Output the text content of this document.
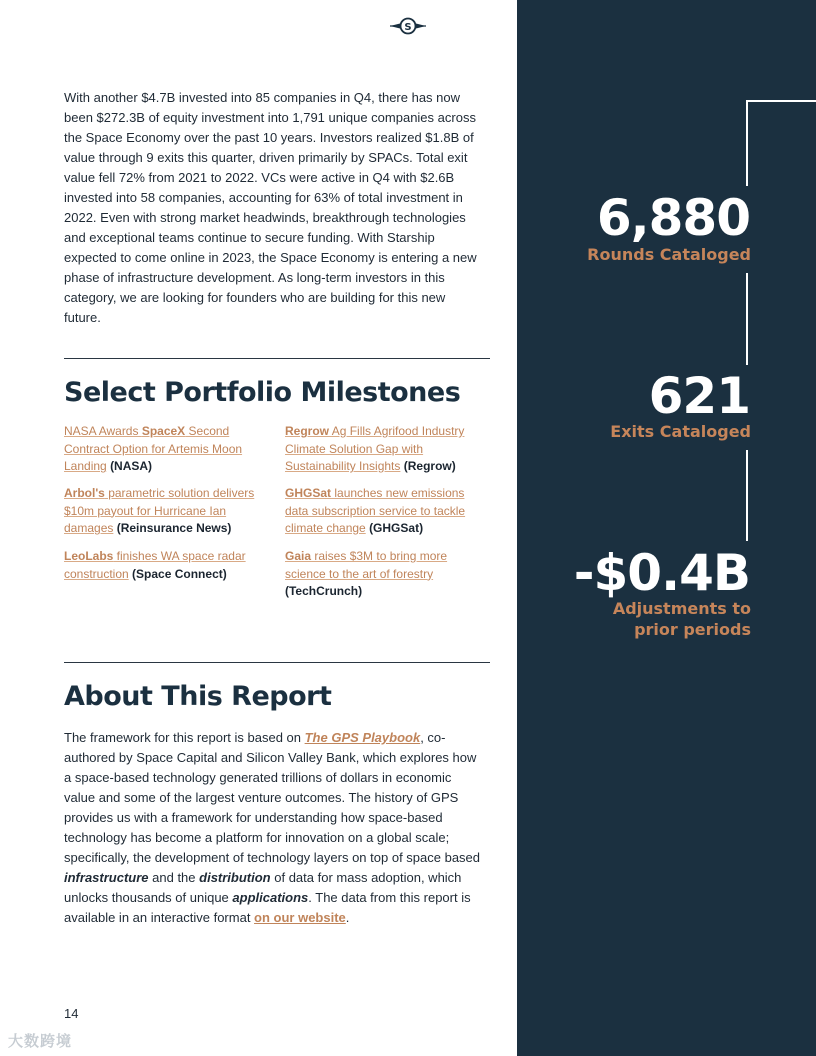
S

With another $4.7B invested into 85 companies in Q4, there has now been $272.3B of equity investment into 1,791 unique companies across the Space Economy over the past 10 years. Investors realized $1.8B of value through 9 exits this quarter, driven primarily by SPACs. Total exit value fell 72% from 2021 to 2022. VCs were active in Q4 with $2.6B invested into 58 companies, accounting for 63% of total investment in 2022. Even with strong market headwinds, breakthrough technologies and exceptional teams continue to secure funding. With Starship expected to come online in 2023, the Space Economy is entering a new phase of infrastructure development. As long-term investors in this category, we are looking for founders who are building for this new future.

Select Portfolio Milestones
NASA Awards SpaceX Second Contract Option for Artemis Moon Landing (NASA)
Regrow Ag Fills Agrifood Industry Climate Solution Gap with Sustainability Insights (Regrow)
Arbol's parametric solution delivers $10m payout for Hurricane Ian damages (Reinsurance News)
GHGSat launches new emissions data subscription service to tackle climate change (GHGSat)
LeoLabs finishes WA space radar construction (Space Connect)
Gaia raises $3M to bring more science to the art of forestry (TechCrunch)
About This Report

The framework for this report is based on The GPS Playbook, co-authored by Space Capital and Silicon Valley Bank, which explores how a space-based technology generated trillions of dollars in economic value and some of the largest venture outcomes. The history of GPS provides us with a framework for understanding how space-based technology has become a platform for innovation on a global scale; specifically, the development of technology layers on top of space based infrastructure and the distribution of data for mass adoption, which unlocks thousands of unique applications. The data from this report is available in an interactive format on our website.

14
大数跨境
6,880
Rounds Cataloged
621
Exits Cataloged
-$0.4B
Adjustments to
prior periods
